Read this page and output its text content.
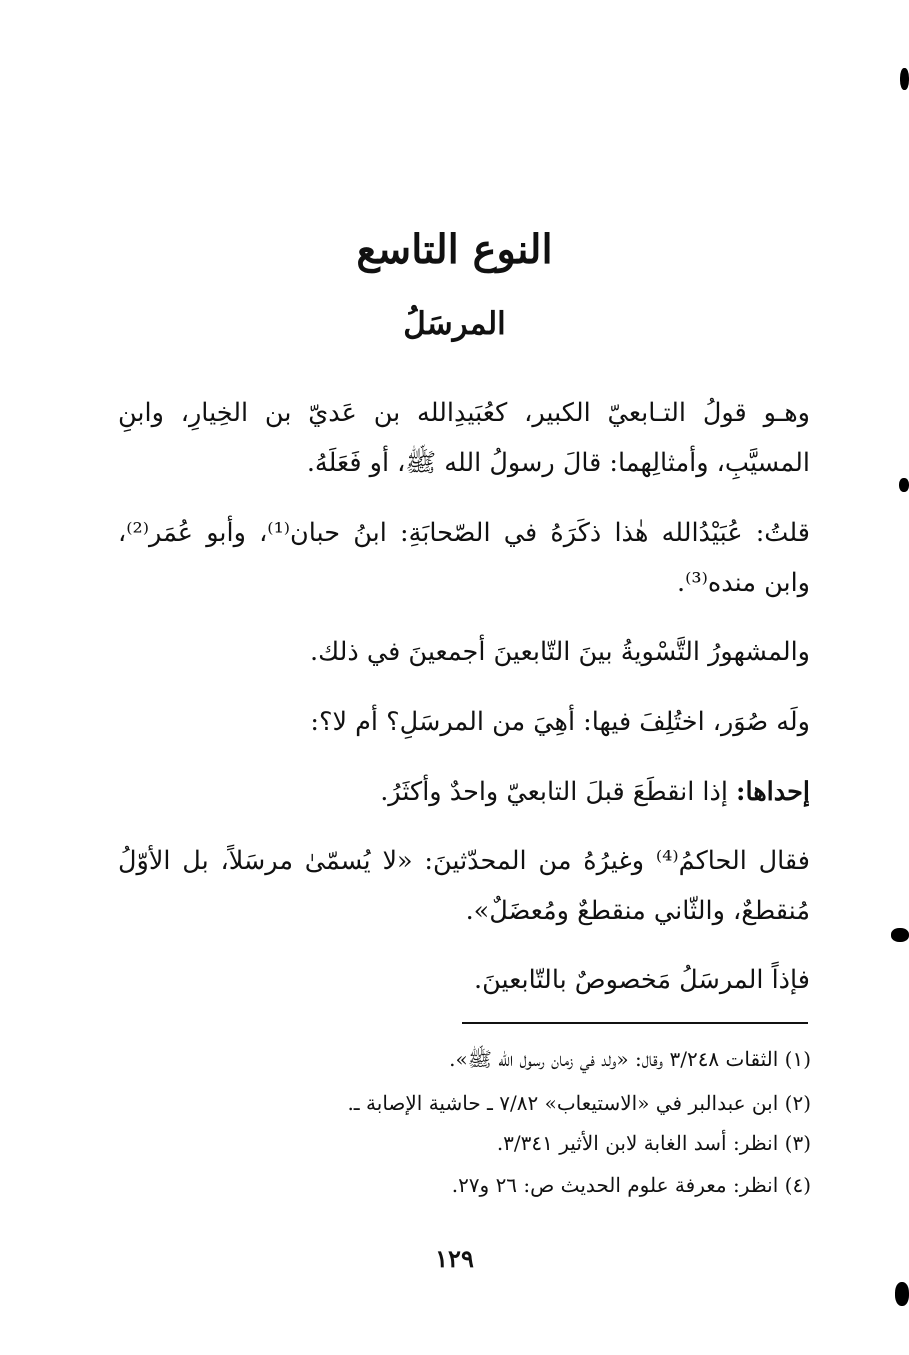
النوع التاسع
المرسَلُ

وهـو قولُ التـابعيّ الكبير، كعُبَيدِالله بن عَديّ بن الخِيارِ، وابنِ المسيَّبِ، وأمثالِهما: قالَ رسولُ الله ﷺ، أو فَعَلَهُ.

قلتُ: عُبَيْدُالله هٰذا ذكَرَهُ في الصّحابَةِ: ابنُ حبان⁽¹⁾، وأبو عُمَر⁽²⁾، وابن منده⁽³⁾.

والمشهورُ التَّسْويةُ بينَ التّابعينَ أجمعينَ في ذلك.

ولَه صُوَر، اختُلِفَ فيها: أهِيَ من المرسَلِ؟ أم لا؟:

إحداها: إذا انقطَعَ قبلَ التابعيّ واحدٌ وأكثَرُ.

فقال الحاكمُ⁽⁴⁾ وغيرُهُ من المحدّثينَ: «لا يُسمّىٰ مرسَلاً، بل الأوّلُ مُنقطعٌ، والثّاني منقطعٌ ومُعضَلٌ».

فإذاً المرسَلُ مَخصوصٌ بالتّابعينَ.

(١) الثقات ٣/٢٤٨ وقال: «ولد في زمان رسول الله ﷺ».

(٢) ابن عبدالبر في «الاستيعاب» ٧/٨٢ ـ حاشية الإصابة ـ.

(٣) انظر: أسد الغابة لابن الأثير ٣/٣٤١.

(٤) انظر: معرفة علوم الحديث ص: ٢٦ و٢٧.

١٢٩
